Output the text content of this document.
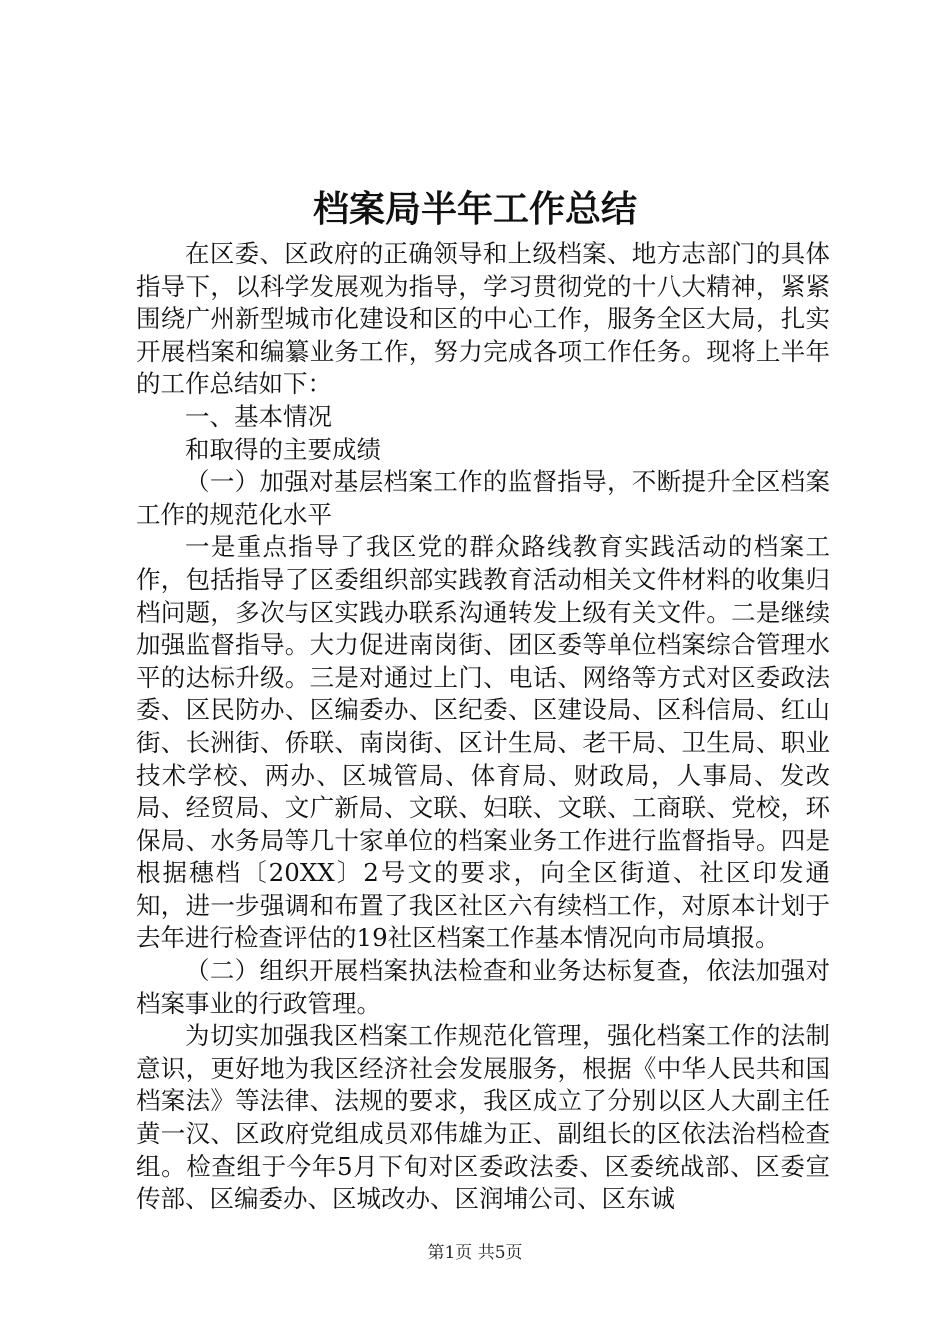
档案局半年工作总结

在区委、区政府的正确领导和上级档案、地方志部门的具体指导下，以科学发展观为指导，学习贯彻党的十八大精神，紧紧围绕广州新型城市化建设和区的中心工作，服务全区大局，扎实开展档案和编纂业务工作，努力完成各项工作任务。现将上半年的工作总结如下：

一、基本情况

和取得的主要成绩

（一）加强对基层档案工作的监督指导，不断提升全区档案工作的规范化水平

一是重点指导了我区党的群众路线教育实践活动的档案工作，包括指导了区委组织部实践教育活动相关文件材料的收集归档问题，多次与区实践办联系沟通转发上级有关文件。二是继续加强监督指导。大力促进南岗街、团区委等单位档案综合管理水平的达标升级。三是对通过上门、电话、网络等方式对区委政法委、区民防办、区编委办、区纪委、区建设局、区科信局、红山街、长洲街、侨联、南岗街、区计生局、老干局、卫生局、职业技术学校、两办、区城管局、体育局、财政局，人事局、发改局、经贸局、文广新局、文联、妇联、文联、工商联、党校，环保局、水务局等几十家单位的档案业务工作进行监督指导。四是根据穗档〔20XX〕2号文的要求，向全区街道、社区印发通知，进一步强调和布置了我区社区六有续档工作，对原本计划于去年进行检查评估的19社区档案工作基本情况向市局填报。

（二）组织开展档案执法检查和业务达标复查，依法加强对档案事业的行政管理。

为切实加强我区档案工作规范化管理，强化档案工作的法制意识，更好地为我区经济社会发展服务，根据《中华人民共和国档案法》等法律、法规的要求，我区成立了分别以区人大副主任黄一汉、区政府党组成员邓伟雄为正、副组长的区依法治档检查组。检查组于今年5月下旬对区委政法委、区委统战部、区委宣传部、区编委办、区城改办、区润埔公司、区东诚

第1页 共5页
